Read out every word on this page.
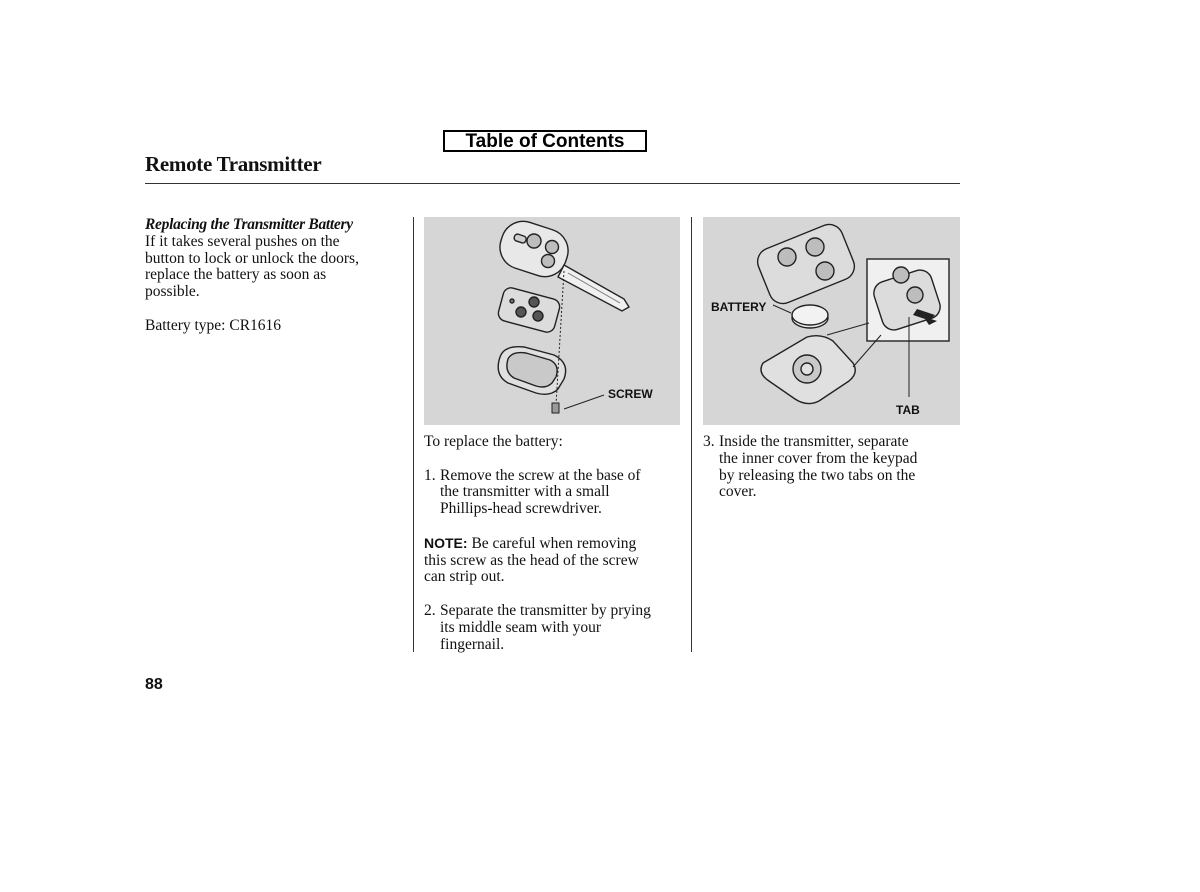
Table of Contents
Remote Transmitter
Replacing the Transmitter Battery
If it takes several pushes on the
button to lock or unlock the doors,
replace the battery as soon as
possible.
Battery type: CR1616
SCREW
BATTERY
TAB
To replace the battery:
1. Remove the screw at the base of
the transmitter with a small
Phillips-head screwdriver.
NOTE: Be careful when removing
this screw as the head of the screw
can strip out.
2. Separate the transmitter by prying
its middle seam with your
fingernail.
3. Inside the transmitter, separate
the inner cover from the keypad
by releasing the two tabs on the
cover.
88
